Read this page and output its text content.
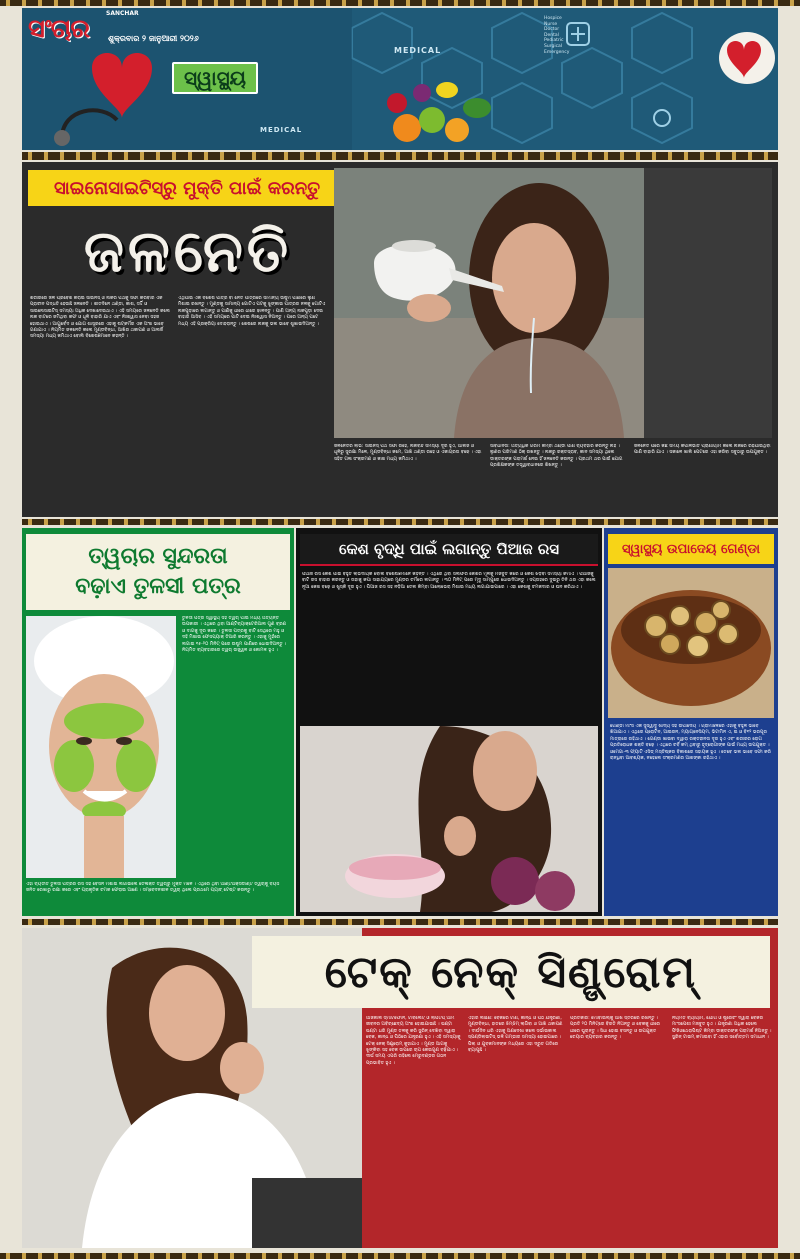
ସଂଚାର
SANCHAR
ଶୁକ୍ରବାର ୨ ଜାନୁଆରୀ ୨୦୨୬
ସ୍ୱାସ୍ଥ୍ୟ
MEDICAL
MEDICAL
Hospice
Nurse
Doctor
Dental
Pediatric
Surgical
Emergency
ସାଇନୋସାଇଟିସ୍‌ରୁ ମୁକ୍ତି ପାଇଁ କରନ୍ତୁ
ଜଳନେତି
ଶରୀରରେ ଜଳ ପ୍ରବେଶ କରାଇ ସାଇନସ୍ ଓ ନାକର ପଥକୁ ସଫା କରିବାର ଏକ ପ୍ରାଚୀନ ପଦ୍ଧତି ହେଉଛି ଜଳନେତି । ଶୀତଦିନେ ଥଣ୍ଡା, କାଶ, ସର୍ଦ୍ଦି ଓ ସାଇନୋସାଇଟିସ୍ ସମସ୍ୟା ଅଧିକ ଦେଖାଦେଇଥାଏ । ଏହି ସମୟରେ ଜଳନେତି କଲେ ନାକ ବାଟରେ ଜମିଥିବା କଫ ଓ ଧୂଳି ବାହାରି ଯାଏ ଏବଂ ନିଃଶ୍ୱାସ ନେବା ସହଜ ହୋଇଥାଏ । ଆୟୁର୍ବେଦ ଓ ଯୋଗ ଶାସ୍ତ୍ରରେ ଏହାକୁ ଷଟ୍‌କର୍ମର ଏକ ଅଂଶ ଭାବେ ଗଣାଯାଏ । ନିୟମିତ ଜଳନେତି କଲେ ମୁଣ୍ଡବିନ୍ଧା, ଆଖିର ଥକାପଣ ଓ ଆଲର୍ଜି ସମସ୍ୟା ମଧ୍ୟ କମିଥାଏ ବୋଲି ବିଶେଷଜ୍ଞମାନେ କହନ୍ତି ।
ଏଥିପାଇଁ ଏକ ବିଶେଷ ପାତ୍ର ବା ନେତି ପାତ୍ରରେ ସାମାନ୍ୟ ଉଷୁମ ପାଣିରେ ଲୁଣ ମିଶାଇ ରଖନ୍ତୁ । ମୁଣ୍ଡକୁ ସାମାନ୍ୟ ଗୋଟିଏ ପଟକୁ ଝୁଙ୍କାଇ ପାତ୍ରର ନଳକୁ ଗୋଟିଏ ନାକପୁଡ଼ାରେ ଲଗାନ୍ତୁ ଓ ପାଣିକୁ ଧୀରେ ଧୀରେ ଢାଳନ୍ତୁ । ପାଣି ଅନ୍ୟ ନାକପୁଡ଼ା ଦେଇ ବାହାରି ଆସିବ । ଏହି ସମୟରେ ପାଟି ଦେଇ ନିଃଶ୍ୱାସ ନିଅନ୍ତୁ । ପରେ ଅନ୍ୟ ପଟେ ମଧ୍ୟ ଏହି ପ୍ରକ୍ରିୟା ଦୋହରାନ୍ତୁ । ଶେଷରେ ନାକକୁ ଭଲ ଭାବେ ଶୁଖାଇଦିଅନ୍ତୁ ।
ଜଳନେତିର ଲାଭ: ସାଇନସ୍ ପଥ ସଫା ରହେ, ନାକବନ୍ଦ ସମସ୍ୟା ଦୂର ହୁଏ, ଆଲର୍ଜି ଓ ଧୂଳିରୁ ସୁରକ୍ଷା ମିଳେ, ମୁଣ୍ଡବିନ୍ଧା କମେ, ଆଖି ଥଣ୍ଡା ରହେ ଓ ଏକାଗ୍ରତା ବଢେ । ଏହା ସହିତ ଗଳା ସଂକ୍ରମଣ ଓ କାଶ ମଧ୍ୟ କମିଥାଏ ।
ସାବଧାନତା: ଅତ୍ୟଧିକ ଗରମ କିମ୍ବା ଥଣ୍ଡା ପାଣି ବ୍ୟବହାର କରନ୍ତୁ ନାହିଁ । ଲୁଣର ପରିମାଣ ଠିକ୍ ରଖନ୍ତୁ । ନାକରୁ ରକ୍ତସ୍ରାବ, କାନ ସମସ୍ୟା ଥିଲେ ଡାକ୍ତରଙ୍କ ପରାମର୍ଶ ନେଇ ହିଁ ଜଳନେତି କରନ୍ତୁ । ପ୍ରଥମ ଥର ପାଇଁ ଯୋଗ ପ୍ରଶିକ୍ଷକଙ୍କ ତତ୍ତ୍ୱାବଧାନରେ ଶିଖନ୍ତୁ ।
ଜଳନେତି ପରେ କିଛି ସମୟ କପାଳଭାତି ପ୍ରାଣାୟାମ କଲେ ନାକରେ ରହିଯାଇଥିବା ପାଣି ବାହାରି ଯାଏ । ସକାଳେ ଖାଲି ପେଟରେ ଏହା କରିବା ସବୁଠାରୁ ଉପଯୁକ୍ତ ।
ତ୍ୱଚାର ସୁନ୍ଦରତା
ବଢ଼ାଏ ତୁଳସୀ ପତ୍ର
ତୁଳସୀ ପତ୍ର ସ୍ୱାସ୍ଥ୍ୟ ସହ ତ୍ୱଚା ପାଇଁ ମଧ୍ୟ ଅତ୍ୟନ୍ତ ଉପକାରୀ । ଏଥିରେ ଥିବା ଆଣ୍ଟିବ୍ୟାକ୍ଟେରିଆଲ ଗୁଣ ବ୍ରଣ ଓ ଦାଗକୁ ଦୂର କରେ । ତୁଳସୀ ପତ୍ରକୁ ବାଟି ସେଥିରେ ମହୁ ଓ ଦହି ମିଶାଇ ଫେସପ୍ୟାକ୍ ତିଆରି କରନ୍ତୁ । ଏହାକୁ ମୁହଁରେ ଲଗାଇ ୧୫-୨୦ ମିନିଟ୍ ପରେ ଉଷୁମ ପାଣିରେ ଧୋଇଦିଅନ୍ତୁ । ନିୟମିତ ବ୍ୟବହାରରେ ତ୍ୱଚା ଉଜ୍ଜ୍ୱଳ ଓ କୋମଳ ହୁଏ ।
ଏହା ବ୍ୟତୀତ ତୁଳସୀ ପତ୍ରର ରସ ସହ ବେସନ ମିଶାଇ ଲଗାଇଲେ ତୈଳାକ୍ତ ତ୍ୱଚାରୁ ମୁକ୍ତି ମିଳେ । ଏଥିରେ ଥିବା ଆଣ୍ଟିଅକ୍ସିଡାଣ୍ଟ ତ୍ୱଚାକୁ ବୟସ ଜନିତ ରେଖାରୁ ରକ୍ଷା କରେ ଏବଂ ପ୍ରାକୃତିକ ଚମକ ଫେରାଇ ଆଣେ । ସମ୍ବେଦନଶୀଳ ତ୍ୱଚା ଥିଲେ ପ୍ରଥମେ ପ୍ୟାଚ୍ ଟେଷ୍ଟ କରନ୍ତୁ ।
କେଶ ବୃଦ୍ଧି ପାଇଁ ଲଗାନ୍ତୁ ପିଆଜ ରସ
ପିଆଜ ରସ କେଶ ପାଇଁ ବହୁତ ଲାଭଦାୟକ ବୋଲି ବିଶେଷଜ୍ଞମାନେ କହନ୍ତି । ଏଥିରେ ଥିବା ସଲଫର କେଶର ମୂଳକୁ ମଜବୁତ କରେ ଓ କେଶ ଝଡ଼ିବା ସମସ୍ୟା କମାଏ । ପିଆଜକୁ ବାଟି ରସ ବାହାର କରନ୍ତୁ ଓ ତାହାକୁ କପା ସାହାଯ୍ୟରେ ମୁଣ୍ଡର ଚର୍ମରେ ଲଗାନ୍ତୁ । ୩୦ ମିନିଟ୍ ପରେ ମୃଦୁ ସାମ୍ପୁରେ ଧୋଇଦିଅନ୍ତୁ । ସପ୍ତାହରେ ଦୁଇରୁ ତିନି ଥର ଏହା କଲେ ନୂଆ କେଶ ବଢ଼େ ଓ ଖୁସ୍କି ଦୂର ହୁଏ । ପିଆଜ ରସ ସହ ନଡ଼ିଆ ତେଲ କିମ୍ବା ଆଲୋଭେରା ମିଶାଇ ମଧ୍ୟ ଲଗାଯାଇପାରେ । ଏହା କେଶକୁ ଚମକଦାର ଓ ଘନ କରିଥାଏ ।
ସ୍ୱାସ୍ଥ୍ୟ ଉପାଦେୟ ଗେଣ୍ଡା
ଗେଣ୍ଡା ମାଂସ ଏକ ସୁସ୍ୱାଦୁ ଖାଦ୍ୟ ସହ ଉପାଦେୟ । ଗ୍ରାମାଞ୍ଚଳରେ ଏହାକୁ ବହୁଳ ଭାବେ ଖିଆଯାଏ । ଏଥିରେ ପ୍ରୋଟିନ, ଆଇରନ, ମ୍ୟାଗ୍ନେସିୟମ, ଭିଟାମିନ ଏ, ଇ ଓ ବି୧୨ ଭରପୂର ମାତ୍ରାରେ ରହିଥାଏ । ଗେଣ୍ଡା ଖାଇବା ଦ୍ୱାରା ରକ୍ତହୀନତା ଦୂର ହୁଏ ଏବଂ ଶରୀରର ରୋଗ ପ୍ରତିରୋଧକ ଶକ୍ତି ବଢ଼େ । ଏଥିରେ ଚର୍ବି କମ୍ ଥିବାରୁ ହୃଦ୍‌ରୋଗୀଙ୍କ ପାଇଁ ମଧ୍ୟ ଉପଯୁକ୍ତ । ଓମେଗା-୩ ଫ୍ୟାଟି ଏସିଡ୍ ମସ୍ତିଷ୍କର ବିକାଶରେ ସହାୟକ ହୁଏ । ତେବେ ଭଲ ଭାବେ ସଫା କରି ରାନ୍ଧିବା ଆବଶ୍ୟକ, ନହେଲେ ସଂକ୍ରମଣର ଆଶଙ୍କା ରହିଥାଏ ।
ଟେକ୍ ନେକ୍ ସିଣ୍ଡ୍ରୋମ୍
ଆଜିକାଲି ସ୍ମାର୍ଟଫୋନ, ଟାବଲେଟ୍ ଓ ଲାପଟପ୍ ଆମ ଜୀବନର ଅବିଚ୍ଛେଦ୍ୟ ଅଂଶ ହୋଇଯାଇଛି । ଘଣ୍ଟା ଘଣ୍ଟା ଧରି ମୁଣ୍ଡ ତଳକୁ କରି ସ୍କ୍ରିନ୍ ଦେଖିବା ଦ୍ୱାରା ବେକ, କାନ୍ଧ ଓ ପିଠିରେ ଯନ୍ତ୍ରଣା ହୁଏ । ଏହି ସମସ୍ୟାକୁ ଟେକ୍ ନେକ୍ ସିଣ୍ଡ୍ରୋମ୍ କୁହାଯାଏ । ମୁଣ୍ଡ ଆଗକୁ ଝୁଙ୍କିବା ସହ ବେକ ଉପରେ ଚାପ କେଇଗୁଣ ବଢ଼ିଯାଏ । ଦୀର୍ଘ ସମୟ ଏପରି ରହିଲେ ମେରୁଦଣ୍ଡର ଗଠନ ପ୍ରଭାବିତ ହୁଏ ।
ଏହାର ଲକ୍ଷଣ: ବେକରେ ଟାଣ, କାନ୍ଧ ଓ ପିଠି ଯନ୍ତ୍ରଣା, ମୁଣ୍ଡବିନ୍ଧା, ହାତରେ ଝିମ୍‌ଝିମ୍ ଲାଗିବା ଓ ଆଖି ଥକାପଣ । ଦୀର୍ଘଦିନ ଧରି ଏହାକୁ ଅଣଦେଖା କଲେ ସର୍ଭାଇକାଲ ସ୍ପଣ୍ଡିଲାଇଟିସ୍ ଭଳି ଗମ୍ଭୀର ସମସ୍ୟା ହୋଇପାରେ । ପିଲା ଓ ଯୁବକମାନଙ୍କ ମଧ୍ୟରେ ଏହା ଦ୍ରୁତ ଗତିରେ ବ୍ୟାପୁଛି ।
ପ୍ରତିକାର: ମୋବାଇଲ୍‌କୁ ଆଖି ସ୍ତରରେ ରଖନ୍ତୁ । ପ୍ରତି ୨୦ ମିନିଟ୍‌ରେ ବିରତି ନିଅନ୍ତୁ ଓ ବେକକୁ ଧୀରେ ଧୀରେ ଘୁରାନ୍ତୁ । ସିଧା ହୋଇ ବସନ୍ତୁ ଓ ଉପଯୁକ୍ତ ଚେୟାର ବ୍ୟବହାର କରନ୍ତୁ ।
ନିୟମିତ ବ୍ୟାୟାମ, ଯୋଗ ଓ ଷ୍ଟ୍ରେଚିଂ ଦ୍ୱାରା ବେକର ମାଂସପେଶୀ ମଜବୁତ ହୁଏ । ଯନ୍ତ୍ରଣା ଅଧିକ ହେଲେ ଫିଜିଓଥେରାପିଷ୍ଟ କିମ୍ବା ଡାକ୍ତରଙ୍କ ପରାମର୍ଶ ନିଅନ୍ତୁ । ସ୍କ୍ରିନ୍ ଟାଇମ୍ କମାଇବା ହିଁ ଏହାର ସର୍ବୋତ୍ତମ ସମାଧାନ ।
